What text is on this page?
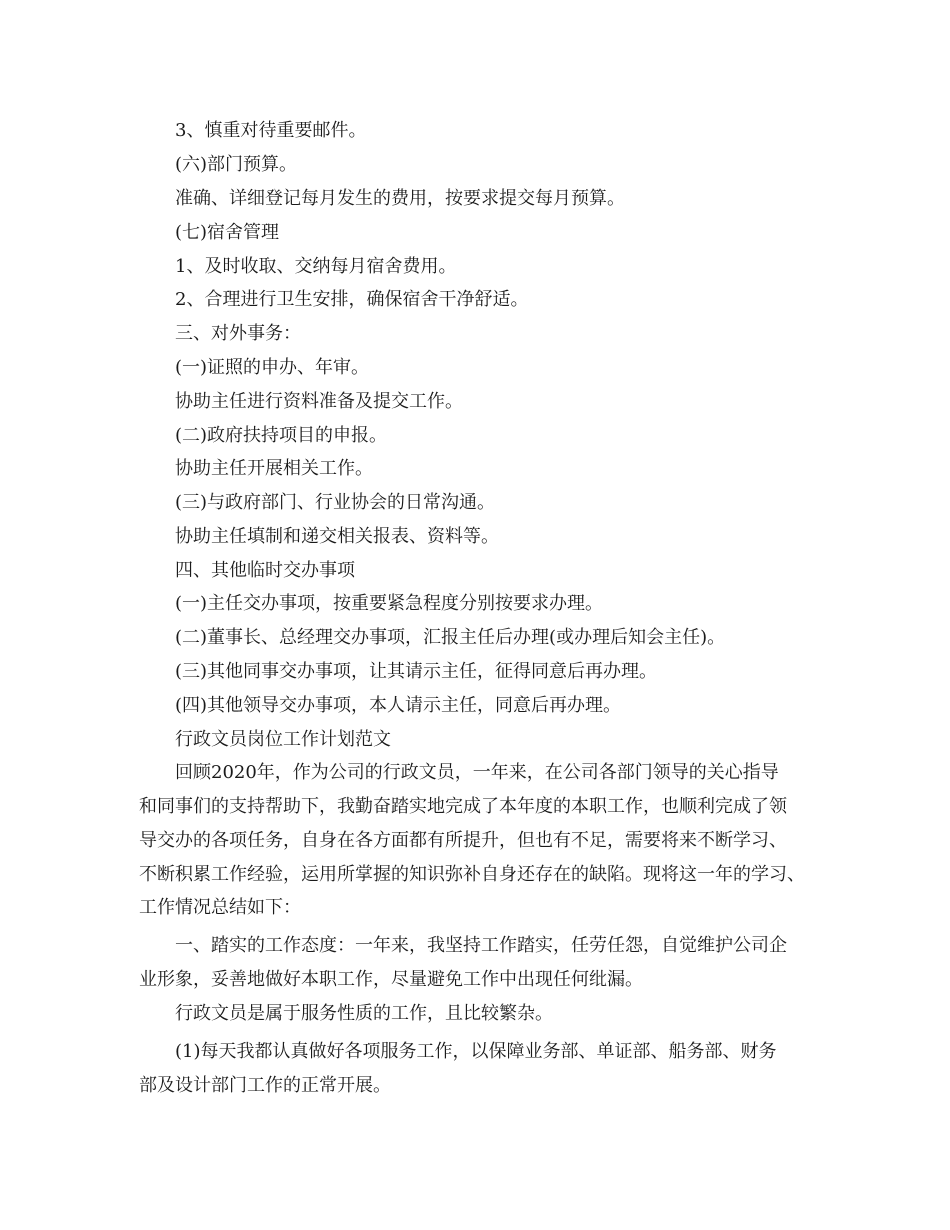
3、慎重对待重要邮件。
(六)部门预算。
准确、详细登记每月发生的费用，按要求提交每月预算。
(七)宿舍管理
1、及时收取、交纳每月宿舍费用。
2、合理进行卫生安排，确保宿舍干净舒适。
三、对外事务：
(一)证照的申办、年审。
协助主任进行资料准备及提交工作。
(二)政府扶持项目的申报。
协助主任开展相关工作。
(三)与政府部门、行业协会的日常沟通。
协助主任填制和递交相关报表、资料等。
四、其他临时交办事项
(一)主任交办事项，按重要紧急程度分别按要求办理。
(二)董事长、总经理交办事项，汇报主任后办理(或办理后知会主任)。
(三)其他同事交办事项，让其请示主任，征得同意后再办理。
(四)其他领导交办事项，本人请示主任，同意后再办理。
行政文员岗位工作计划范文
回顾2020年，作为公司的行政文员，一年来，在公司各部门领导的关心指导
和同事们的支持帮助下，我勤奋踏实地完成了本年度的本职工作，也顺利完成了领
导交办的各项任务，自身在各方面都有所提升，但也有不足，需要将来不断学习、
不断积累工作经验，运用所掌握的知识弥补自身还存在的缺陷。现将这一年的学习、
工作情况总结如下：
一、踏实的工作态度：一年来，我坚持工作踏实，任劳任怨，自觉维护公司企
业形象，妥善地做好本职工作，尽量避免工作中出现任何纰漏。
行政文员是属于服务性质的工作，且比较繁杂。
(1)每天我都认真做好各项服务工作，以保障业务部、单证部、船务部、财务
部及设计部门工作的正常开展。
